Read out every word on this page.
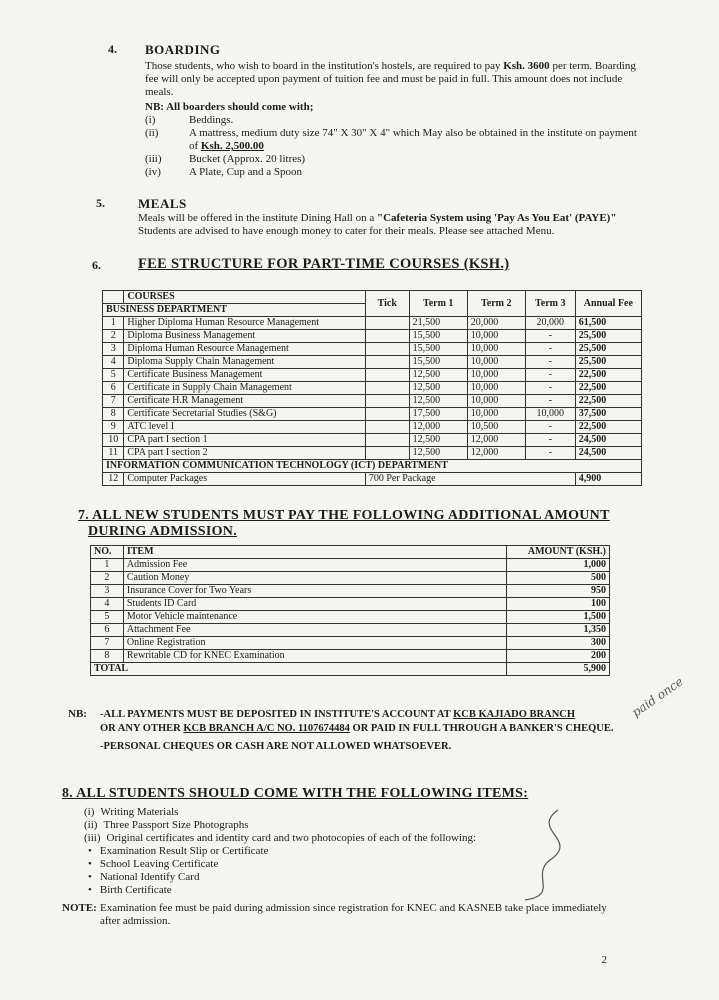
4. BOARDING
Those students, who wish to board in the institution's hostels, are required to pay Ksh. 3600 per term. Boarding fee will only be accepted upon payment of tuition fee and must be paid in full. This amount does not include meals.
NB: All boarders should come with;
(i)	Beddings.
(ii)	A mattress, medium duty size 74" X 30" X 4" which May also be obtained in the institute on payment of Ksh. 2,500.00
(iii)	Bucket (Approx. 20 litres)
(iv)	A Plate, Cup and a Spoon
5.	MEALS
Meals will be offered in the institute Dining Hall on a "Cafeteria System using 'Pay As You Eat' (PAYE)" Students are advised to have enough money to cater for their meals. Please see attached Menu.
6.	FEE STRUCTURE FOR PART-TIME COURSES (KSH.)
	COURSES	Tick	Term 1	Term 2	Term 3	Annual Fee
BUSINESS DEPARTMENT						
1	Higher Diploma Human Resource Management		21,500	20,000	20,000	61,500
2	Diploma Business Management		15,500	10,000	-	25,500
3	Diploma Human Resource Management		15,500	10,000	-	25,500
4	Diploma Supply Chain Management		15,500	10,000	-	25,500
5	Certificate Business Management		12,500	10,000	-	22,500
6	Certificate in Supply Chain Management		12,500	10,000	-	22,500
7	Certificate H.R Management		12,500	10,000	-	22,500
8	Certificate Secretarial Studies (S&G)		17,500	10,000	10,000	37,500
9	ATC level I		12,000	10,500	-	22,500
10	CPA part I section 1		12,500	12,000	-	24,500
11	CPA part I section 2		12,500	12,000	-	24,500
INFORMATION COMMUNICATION TECHNOLOGY (ICT) DEPARTMENT						
12	Computer Packages	700 Per Package				4,900
7. ALL NEW STUDENTS MUST PAY THE FOLLOWING ADDITIONAL AMOUNT
DURING ADMISSION.
NO.	ITEM	AMOUNT (KSH.)
1	Admission Fee	1,000
2	Caution Money	500
3	Insurance Cover for Two Years	950
4	Students ID Card	100
5	Motor Vehicle maintenance	1,500
6	Attachment Fee	1,350
7	Online Registration	300
8	Rewritable CD for KNEC Examination	200
TOTAL		5,900
paid once
NB: -ALL PAYMENTS MUST BE DEPOSITED IN INSTITUTE'S ACCOUNT AT KCB KAJIADO BRANCH
OR ANY OTHER KCB BRANCH A/C NO. 1107674484 OR PAID IN FULL THROUGH A BANKER'S CHEQUE.
-PERSONAL CHEQUES OR CASH ARE NOT ALLOWED WHATSOEVER.
8. ALL STUDENTS SHOULD COME WITH THE FOLLOWING ITEMS:
(i) Writing Materials
(ii) Three Passport Size Photographs
(iii) Original certificates and identity card and two photocopies of each of the following:
• Examination Result Slip or Certificate
• School Leaving Certificate
• National Identify Card
• Birth Certificate
NOTE: Examination fee must be paid during admission since registration for KNEC and KASNEB take place immediately after admission.
2
